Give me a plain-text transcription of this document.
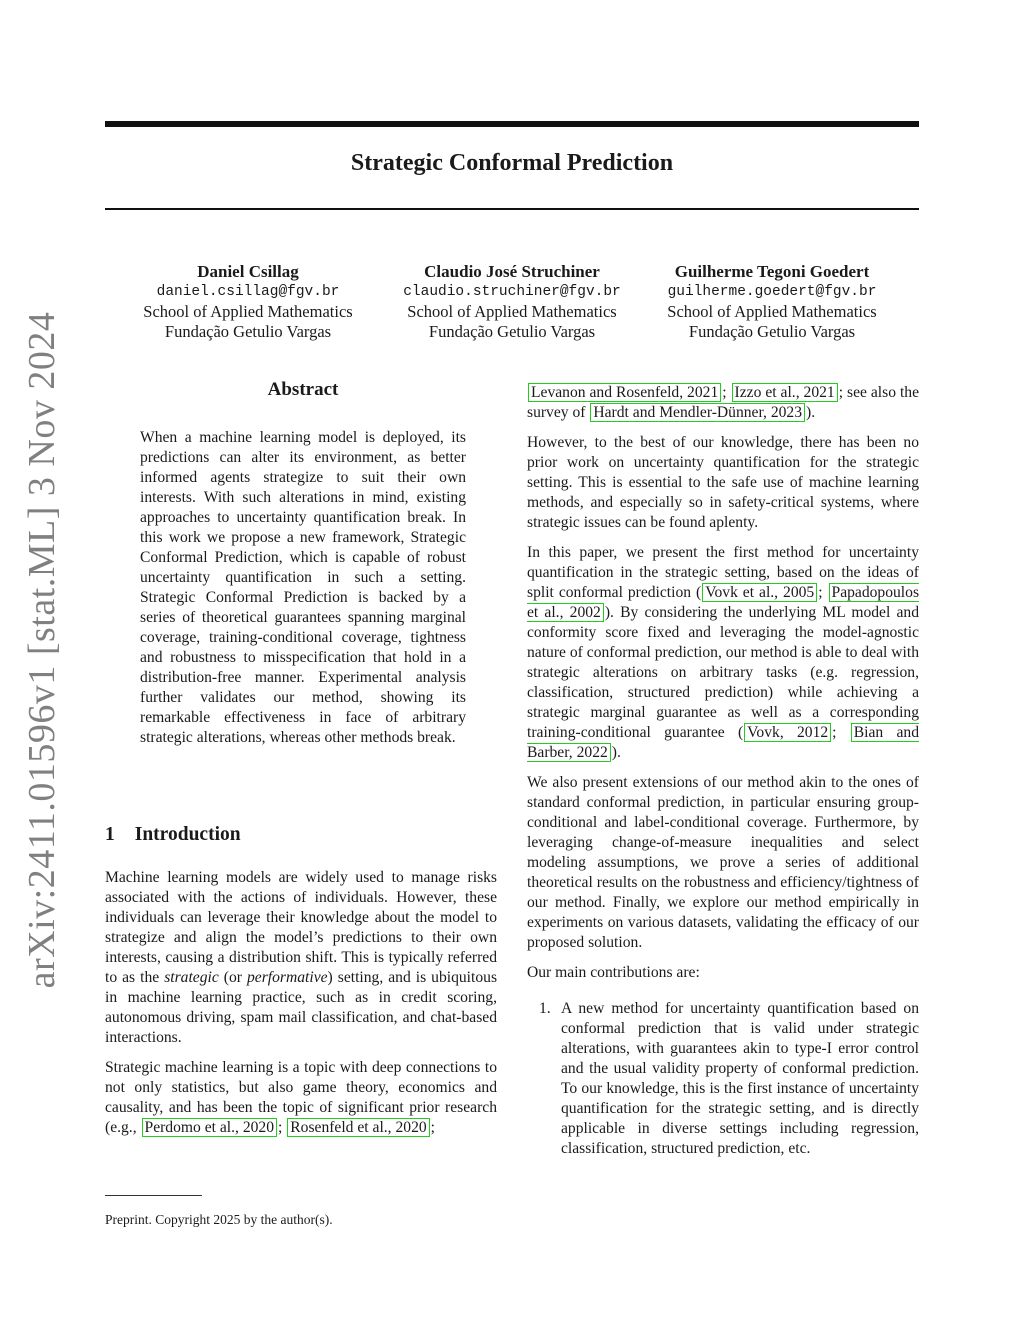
arXiv:2411.01596v1 [stat.ML] 3 Nov 2024
Strategic Conformal Prediction
Daniel Csillag
daniel.csillag@fgv.br
School of Applied Mathematics
Fundação Getulio Vargas
Claudio José Struchiner
claudio.struchiner@fgv.br
School of Applied Mathematics
Fundação Getulio Vargas
Guilherme Tegoni Goedert
guilherme.goedert@fgv.br
School of Applied Mathematics
Fundação Getulio Vargas
Abstract
When a machine learning model is deployed, its predictions can alter its environment, as better informed agents strategize to suit their own interests. With such alterations in mind, existing approaches to uncertainty quantification break. In this work we propose a new framework, Strategic Conformal Prediction, which is capable of robust uncertainty quantification in such a setting. Strategic Conformal Prediction is backed by a series of theoretical guarantees spanning marginal coverage, training-conditional coverage, tightness and robustness to misspecification that hold in a distribution-free manner. Experimental analysis further validates our method, showing its remarkable effectiveness in face of arbitrary strategic alterations, whereas other methods break.
1 Introduction

Machine learning models are widely used to manage risks associated with the actions of individuals. However, these individuals can leverage their knowledge about the model to strategize and align the model’s predictions to their own interests, causing a distribution shift. This is typically referred to as the strategic (or performative) setting, and is ubiquitous in machine learning practice, such as in credit scoring, autonomous driving, spam mail classification, and chat-based interactions.

Strategic machine learning is a topic with deep connections to not only statistics, but also game theory, economics and causality, and has been the topic of significant prior research (e.g., Perdomo et al., 2020 ; Rosenfeld et al., 2020 ;

Levanon and Rosenfeld, 2021 ; Izzo et al., 2021 ; see also the survey of Hardt and Mendler-Dünner, 2023 ).

However, to the best of our knowledge, there has been no prior work on uncertainty quantification for the strategic setting. This is essential to the safe use of machine learning methods, and especially so in safety-critical systems, where strategic issues can be found aplenty.

In this paper, we present the first method for uncertainty quantification in the strategic setting, based on the ideas of split conformal prediction ( Vovk et al., 2005 ; Papadopoulos et al., 2002 ). By considering the underlying ML model and conformity score fixed and leveraging the model-agnostic nature of conformal prediction, our method is able to deal with strategic alterations on arbitrary tasks (e.g. regression, classification, structured prediction) while achieving a strategic marginal guarantee as well as a corresponding training-conditional guarantee ( Vovk, 2012 ; Bian and Barber, 2022 ).

We also present extensions of our method akin to the ones of standard conformal prediction, in particular ensuring group-conditional and label-conditional coverage. Furthermore, by leveraging change-of-measure inequalities and select modeling assumptions, we prove a series of additional theoretical results on the robustness and efficiency/tightness of our method. Finally, we explore our method empirically in experiments on various datasets, validating the efficacy of our proposed solution.

Our main contributions are:

1. A new method for uncertainty quantification based on conformal prediction that is valid under strategic alterations, with guarantees akin to type-I error control and the usual validity property of conformal prediction. To our knowledge, this is the first instance of uncertainty quantification for the strategic setting, and is directly applicable in diverse settings including regression, classification, structured prediction, etc.
Preprint. Copyright 2025 by the author(s).
